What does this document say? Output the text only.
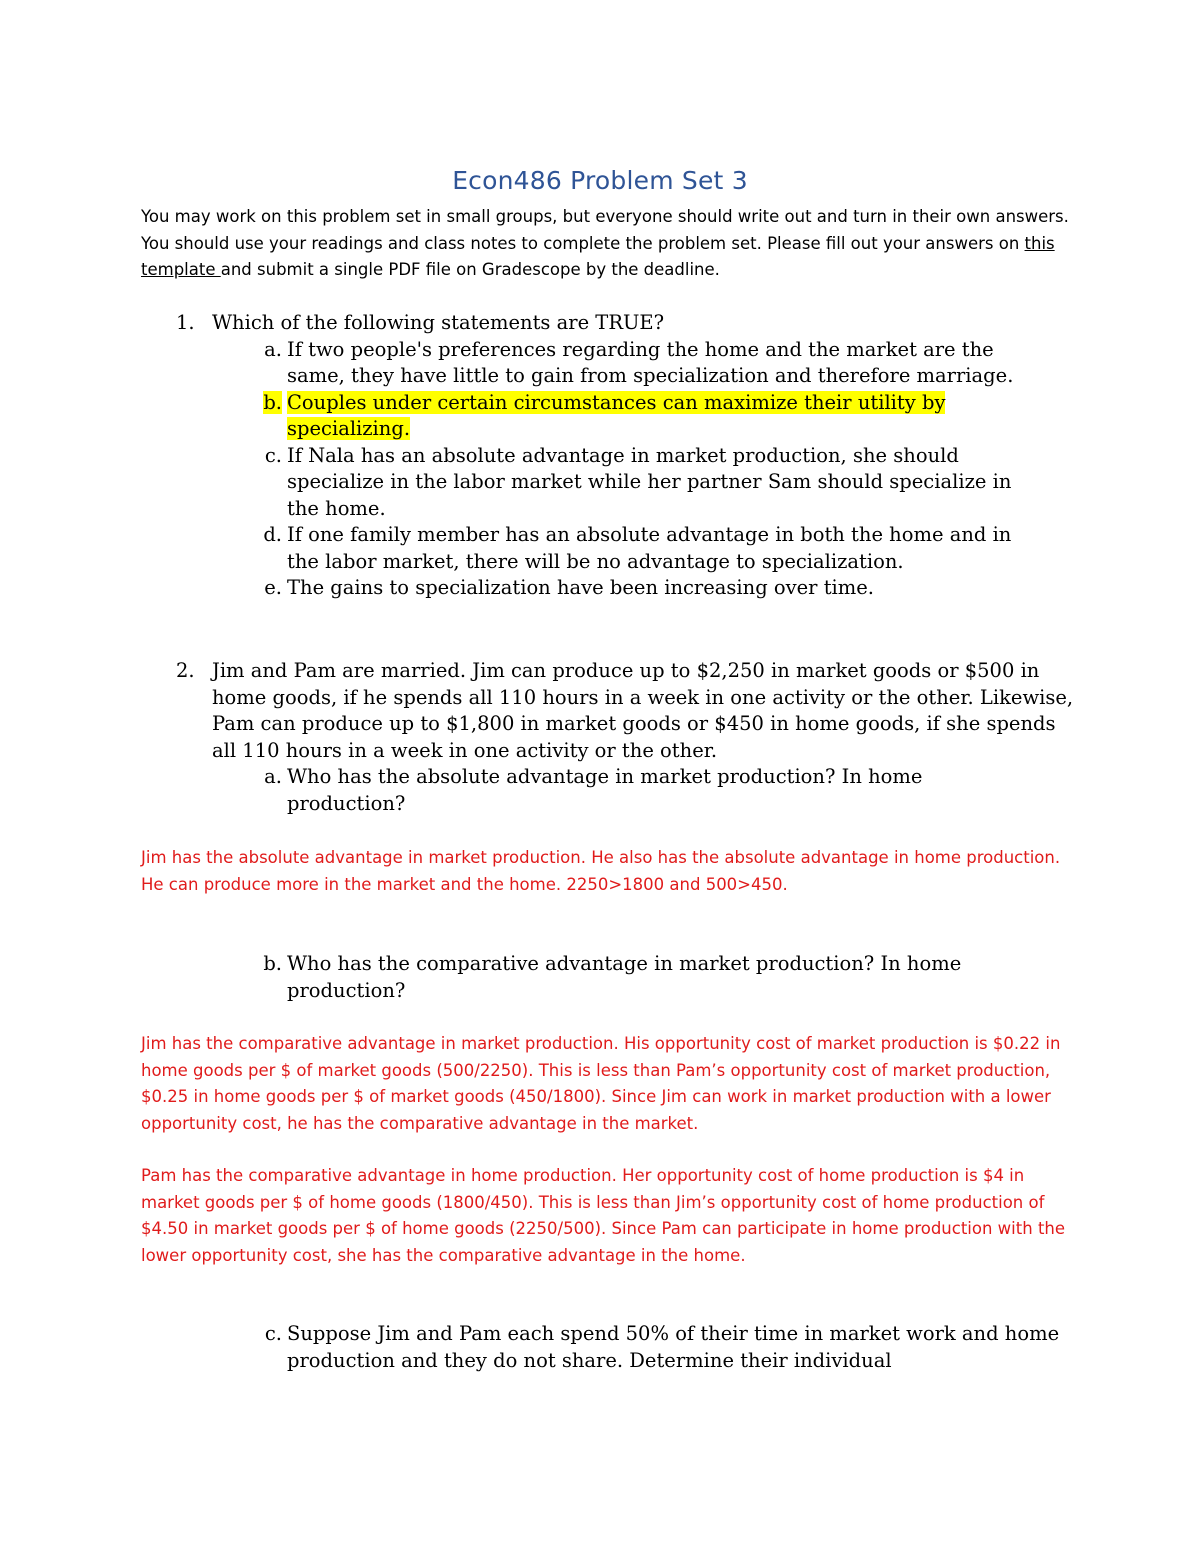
Econ486 Problem Set 3
You may work on this problem set in small groups, but everyone should write out and turn in their own answers. You should use your readings and class notes to complete the problem set. Please fill out your answers on this template and submit a single PDF file on Gradescope by the deadline.
1. Which of the following statements are TRUE?
a. If two people's preferences regarding the home and the market are the same, they have little to gain from specialization and therefore marriage.
b. Couples under certain circumstances can maximize their utility by specializing.
c. If Nala has an absolute advantage in market production, she should specialize in the labor market while her partner Sam should specialize in the home.
d. If one family member has an absolute advantage in both the home and in the labor market, there will be no advantage to specialization.
e. The gains to specialization have been increasing over time.
2. Jim and Pam are married. Jim can produce up to $2,250 in market goods or $500 in home goods, if he spends all 110 hours in a week in one activity or the other. Likewise, Pam can produce up to $1,800 in market goods or $450 in home goods, if she spends all 110 hours in a week in one activity or the other.
a. Who has the absolute advantage in market production? In home production?
Jim has the absolute advantage in market production. He also has the absolute advantage in home production. He can produce more in the market and the home. 2250>1800 and 500>450.
b. Who has the comparative advantage in market production? In home production?
Jim has the comparative advantage in market production. His opportunity cost of market production is $0.22 in home goods per $ of market goods (500/2250). This is less than Pam’s opportunity cost of market production, $0.25 in home goods per $ of market goods (450/1800). Since Jim can work in market production with a lower opportunity cost, he has the comparative advantage in the market.
Pam has the comparative advantage in home production. Her opportunity cost of home production is $4 in market goods per $ of home goods (1800/450). This is less than Jim’s opportunity cost of home production of $4.50 in market goods per $ of home goods (2250/500). Since Pam can participate in home production with the lower opportunity cost, she has the comparative advantage in the home.
c. Suppose Jim and Pam each spend 50% of their time in market work and home production and they do not share. Determine their individual
